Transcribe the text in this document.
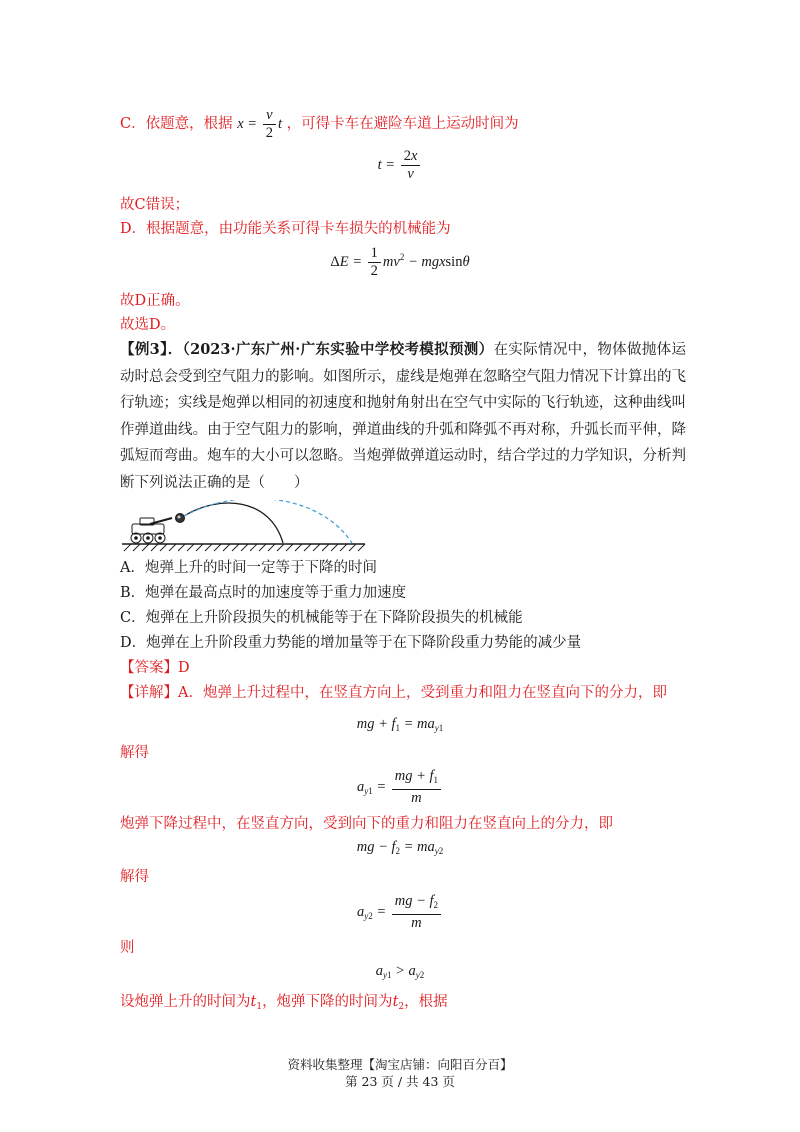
C．依题意，根据 $x = \frac{v}{2}$ t ，可得卡车在避险车道上运动时间为
$t = \frac{2x}{v}$
故C错误；
D．根据题意，由功能关系可得卡车损失的机械能为
$\Delta E = \frac{1}{2} mv^2 - mgxsin\theta$
故D正确。
故选D。
【例3】．（2023·广东广州·广东实验中学校考模拟预测）在实际情况中，物体做抛体运动时总会受到空气阻力的影响。如图所示，虚线是炮弹在忽略空气阻力情况下计算出的飞行轨迹；实线是炮弹以相同的初速度和抛射角射出在空气中实际的飞行轨迹，这种曲线叫作弹道曲线。由于空气阻力的影响，弹道曲线的升弧和降弧不再对称，升弧长而平伸，降弧短而弯曲。炮车的大小可以忽略。当炮弹做弹道运动时，结合学过的力学知识，分析判断下列说法正确的是（　　）
A．炮弹上升的时间一定等于下降的时间
B．炮弹在最高点时的加速度等于重力加速度
C．炮弹在上升阶段损失的机械能等于在下降阶段损失的机械能
D．炮弹在上升阶段重力势能的增加量等于在下降阶段重力势能的减少量
【答案】D
【详解】A．炮弹上升过程中，在竖直方向上，受到重力和阻力在竖直向下的分力，即
mg + $f_1 = ma_{y1}$
解得
$a_{y1} = \frac{mg + f_1}{m}$
炮弹下降过程中，在竖直方向，受到向下的重力和阻力在竖直向上的分力，即
mg − $f_2 = ma_{y2}$
解得
$a_{y2} = \frac{mg - f_2}{m}$
则
$a_{y1} > a_{y2}$
设炮弹上升的时间为$t_1$，炮弹下降的时间为$t_2$，根据
资料收集整理【淘宝店铺：向阳百分百】
第 23 页 / 共 43 页
